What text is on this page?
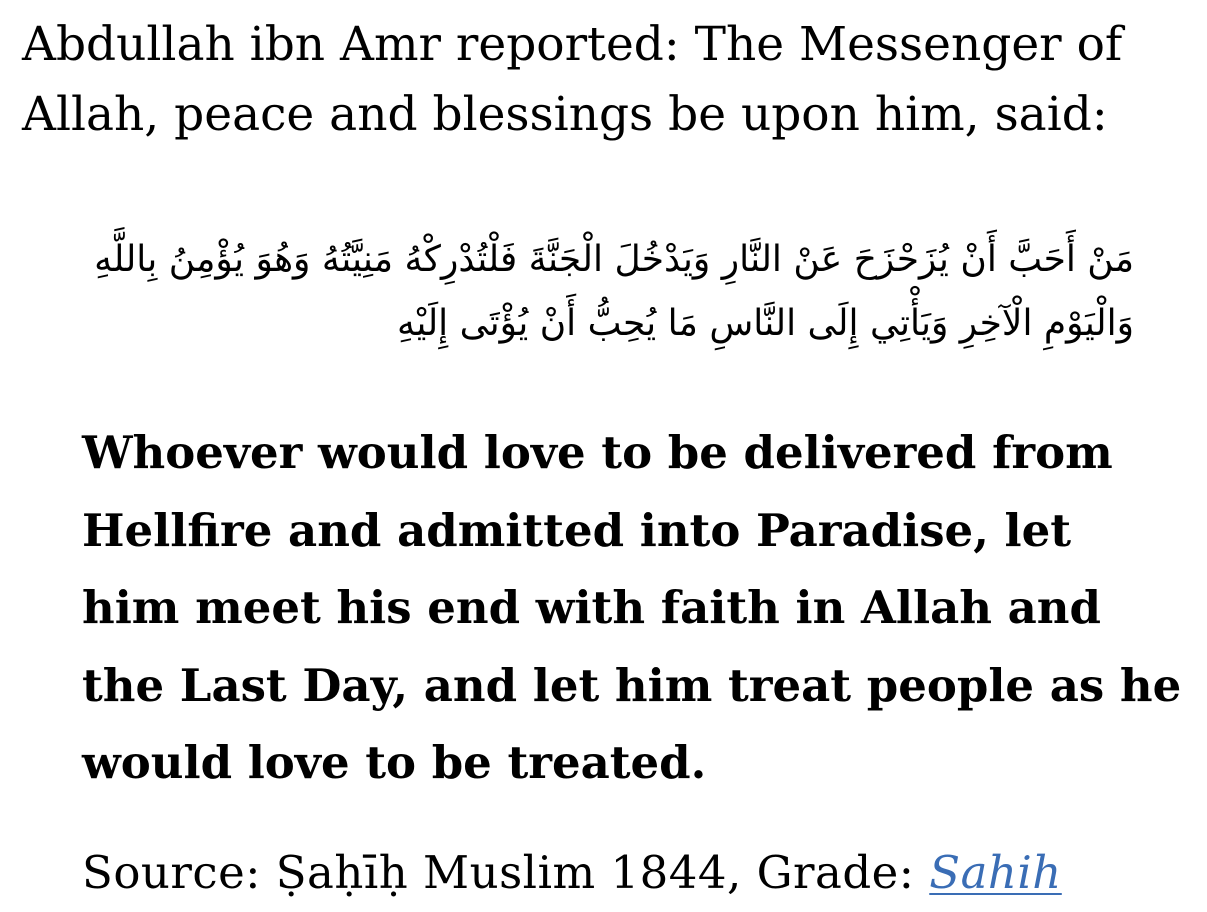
Abdullah ibn Amr reported: The Messenger of Allah, peace and blessings be upon him, said:

مَنْ أَحَبَّ أَنْ يُزَحْزَحَ عَنْ النَّارِ وَيَدْخُلَ الْجَنَّةَ فَلْتُدْرِكْهُ مَنِيَّتُهُ وَهُوَ يُؤْمِنُ بِاللَّهِ وَالْيَوْمِ الْآخِرِ وَيَأْتِي إِلَى النَّاسِ مَا يُحِبُّ أَنْ يُؤْتَى إِلَيْهِ

Whoever would love to be delivered from Hellfire and admitted into Paradise, let him meet his end with faith in Allah and the Last Day, and let him treat people as he would love to be treated.

Source: Ṣaḥīḥ Muslim 1844, Grade: Sahih
